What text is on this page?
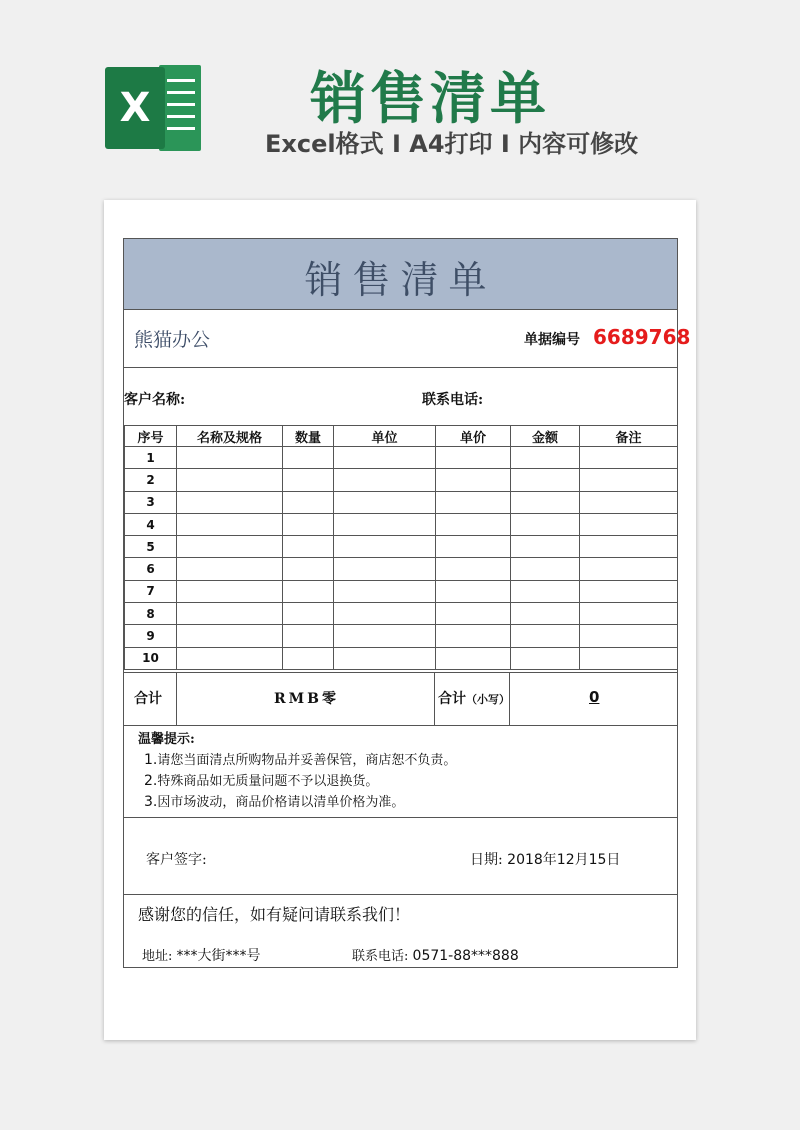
X	销售清单
Excel格式 I A4打印 I 内容可修改
销售清单
熊猫办公	单据编号 6689768
客户名称:	联系电话:
序号	名称及规格	数量	单位	单价	金额	备注
1						
2						
3						
4						
5						
6						
7						
8						
9						
10						
合计	RMB零	合计（小写）	0
温馨提示:
1.请您当面清点所购物品并妥善保管，商店恕不负责。
2.特殊商品如无质量问题不予以退换货。
3.因市场波动，商品价格请以清单价格为准。
客户签字:	日期: 2018年12月15日
感谢您的信任，如有疑问请联系我们！
地址: ***大街***号	联系电话: 0571-88***888
